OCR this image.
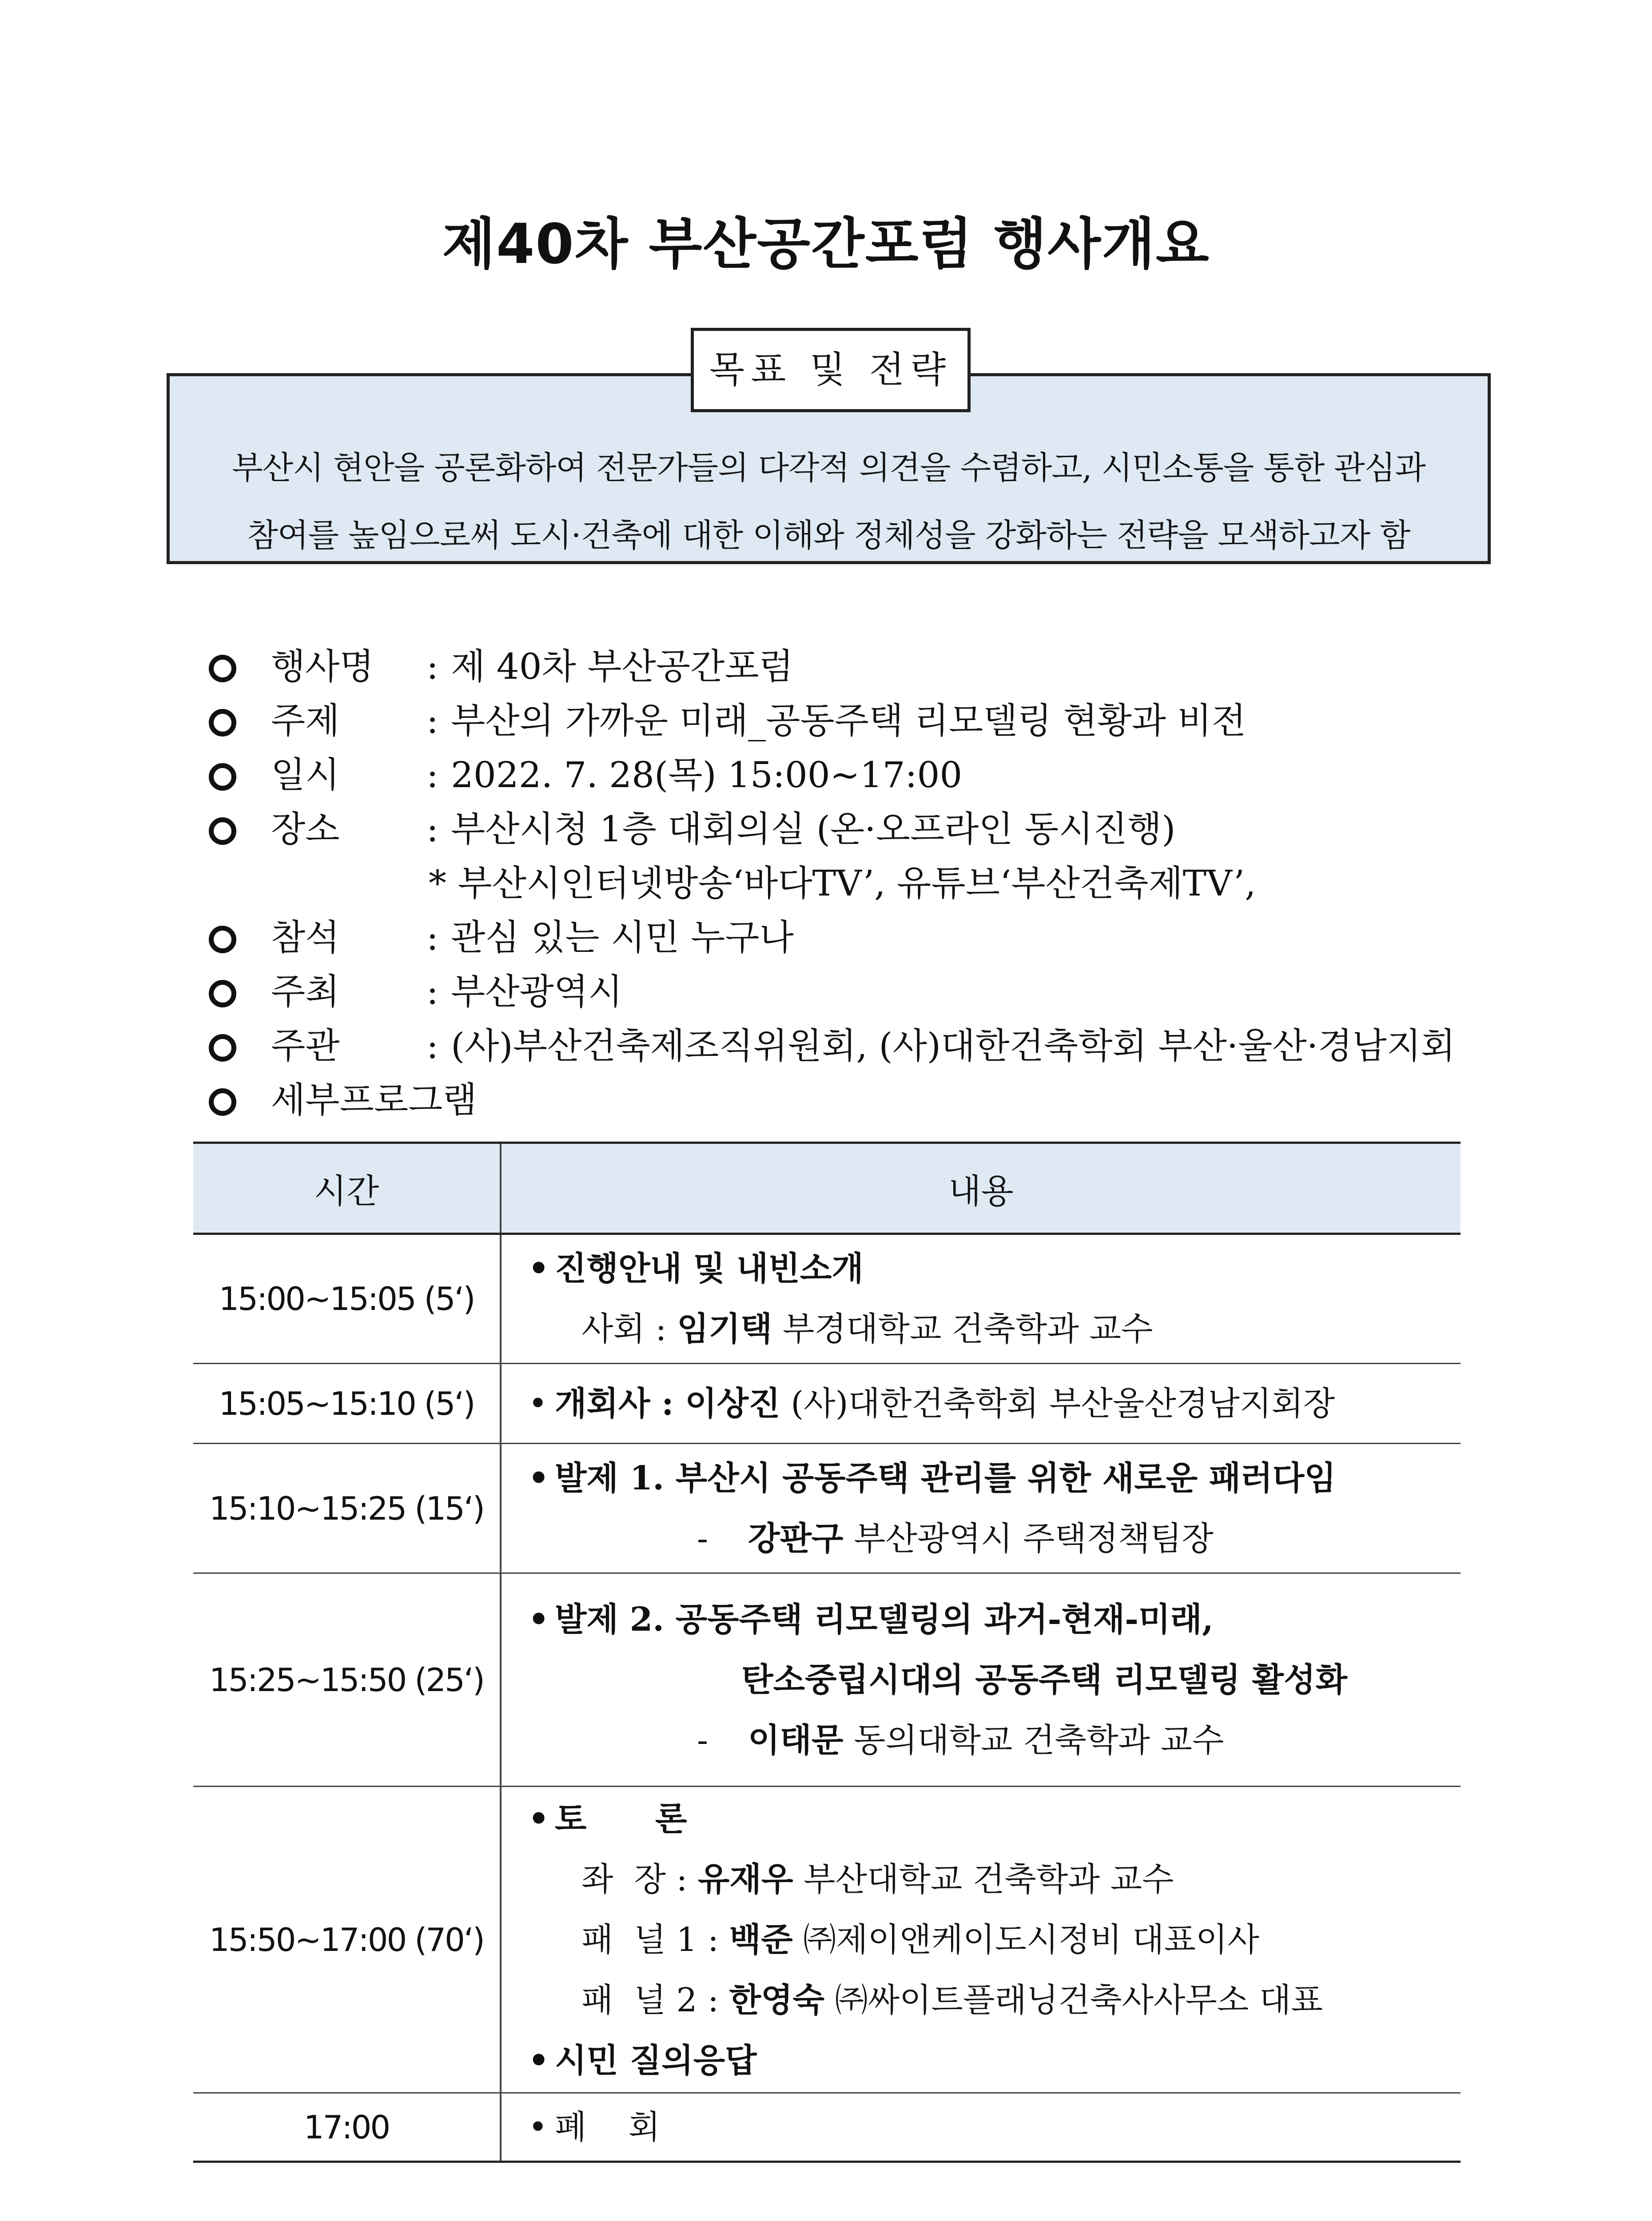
제40차 부산공간포럼 행사개요
목표 및 전략
부산시 현안을 공론화하여 전문가들의 다각적 의견을 수렴하고, 시민소통을 통한 관심과
참여를 높임으로써 도시·건축에 대한 이해와 정체성을 강화하는 전략을 모색하고자 함
행사명	: 제 40차 부산공간포럼
주제	: 부산의 가까운 미래_공동주택 리모델링 현황과 비전
일시	: 2022. 7. 28(목) 15:00~17:00
장소	: 부산시청 1층 대회의실 (온·오프라인 동시진행)
* 부산시인터넷방송‘바다TV’, 유튜브‘부산건축제TV’,
참석	: 관심 있는 시민 누구나
주최	: 부산광역시
주관	: (사)부산건축제조직위원회, (사)대한건축학회 부산·울산·경남지회
세부프로그램
시간	내용
15:00~15:05 (5‘)	• 진행안내 및 내빈소개
사회 : 임기택 부경대학교 건축학과 교수

15:05~15:10 (5‘)	• 개회사 : 이상진 (사)대한건축학회 부산울산경남지회장

15:10~15:25 (15‘)	• 발제 1. 부산시 공동주택 관리를 위한 새로운 패러다임
- 강판구 부산광역시 주택정책팀장

15:25~15:50 (25‘)	• 발제 2. 공동주택 리모델링의 과거-현재-미래,
탄소중립시대의 공동주택 리모델링 활성화
- 이태문 동의대학교 건축학과 교수

15:50~17:00 (70‘)	• 토      론
좌  장 : 유재우 부산대학교 건축학과 교수
패  널 1 : 백준 ㈜제이앤케이도시정비 대표이사
패  널 2 : 한영숙 ㈜싸이트플래닝건축사사무소 대표
• 시민 질의응답

17:00	• 폐    회
